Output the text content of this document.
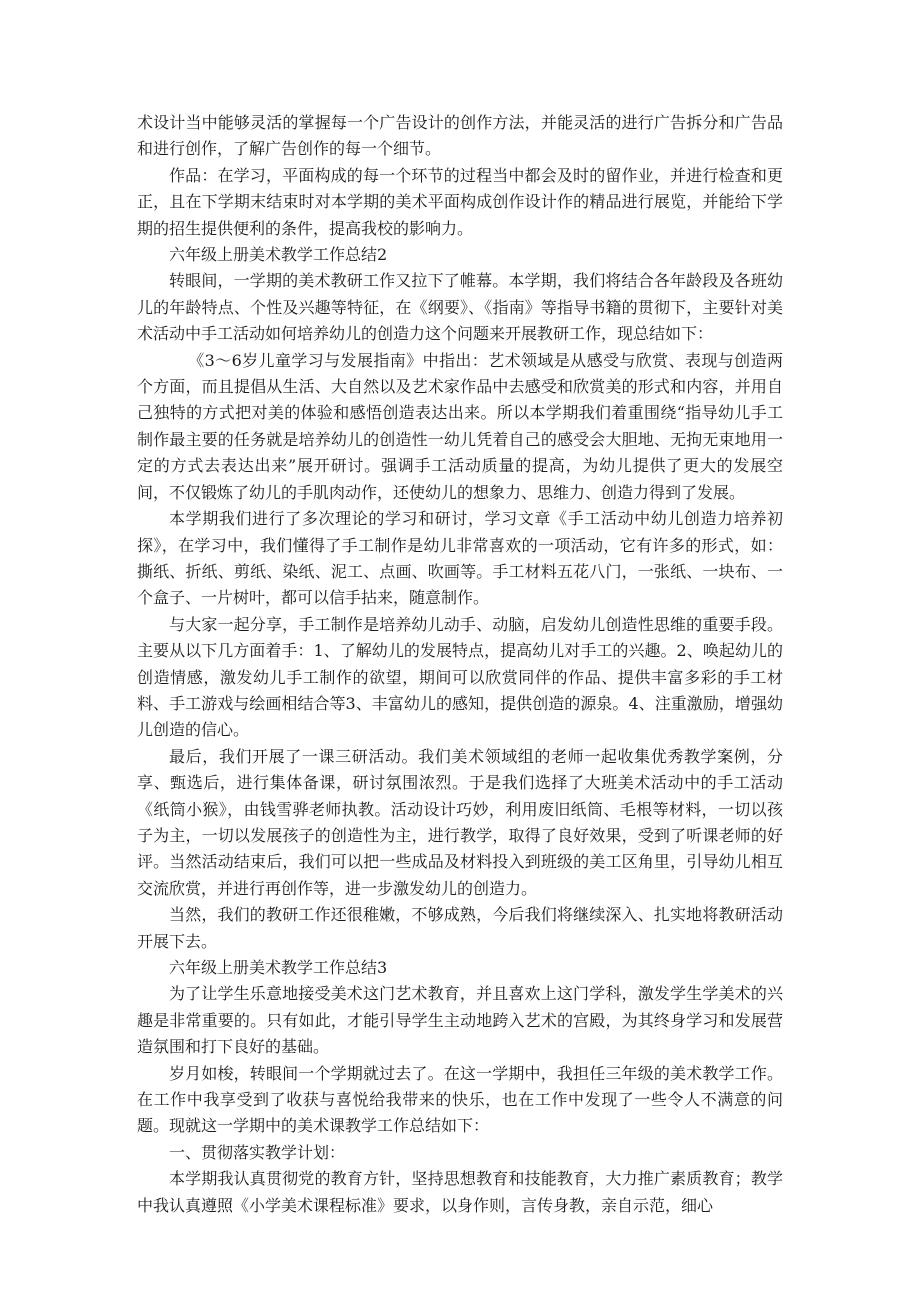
术设计当中能够灵活的掌握每一个广告设计的创作方法，并能灵活的进行广告拆分和广告品和进行创作，了解广告创作的每一个细节。

作品：在学习，平面构成的每一个环节的过程当中都会及时的留作业，并进行检查和更正，且在下学期末结束时对本学期的美术平面构成创作设计作的精品进行展览，并能给下学期的招生提供便利的条件，提高我校的影响力。

六年级上册美术教学工作总结2

转眼间，一学期的美术教研工作又拉下了帷幕。本学期，我们将结合各年龄段及各班幼儿的年龄特点、个性及兴趣等特征，在《纲要》、《指南》等指导书籍的贯彻下，主要针对美术活动中手工活动如何培养幼儿的创造力这个问题来开展教研工作，现总结如下：

《3～6岁儿童学习与发展指南》中指出：艺术领域是从感受与欣赏、表现与创造两个方面，而且提倡从生活、大自然以及艺术家作品中去感受和欣赏美的形式和内容，并用自己独特的方式把对美的体验和感悟创造表达出来。所以本学期我们着重围绕“指导幼儿手工制作最主要的任务就是培养幼儿的创造性一幼儿凭着自己的感受会大胆地、无拘无束地用一定的方式去表达出来”展开研讨。强调手工活动质量的提高，为幼儿提供了更大的发展空间，不仅锻炼了幼儿的手肌肉动作，还使幼儿的想象力、思维力、创造力得到了发展。

本学期我们进行了多次理论的学习和研讨，学习文章《手工活动中幼儿创造力培养初探》，在学习中，我们懂得了手工制作是幼儿非常喜欢的一项活动，它有许多的形式，如：撕纸、折纸、剪纸、染纸、泥工、点画、吹画等。手工材料五花八门，一张纸、一块布、一个盒子、一片树叶，都可以信手拈来，随意制作。

与大家一起分享，手工制作是培养幼儿动手、动脑，启发幼儿创造性思维的重要手段。主要从以下几方面着手：1、了解幼儿的发展特点，提高幼儿对手工的兴趣。2、唤起幼儿的创造情感，激发幼儿手工制作的欲望，期间可以欣赏同伴的作品、提供丰富多彩的手工材料、手工游戏与绘画相结合等3、丰富幼儿的感知，提供创造的源泉。4、注重激励，增强幼儿创造的信心。

最后，我们开展了一课三研活动。我们美术领域组的老师一起收集优秀教学案例，分享、甄选后，进行集体备课，研讨氛围浓烈。于是我们选择了大班美术活动中的手工活动《纸筒小猴》，由钱雪骅老师执教。活动设计巧妙，利用废旧纸筒、毛根等材料，一切以孩子为主，一切以发展孩子的创造性为主，进行教学，取得了良好效果，受到了听课老师的好评。当然活动结束后，我们可以把一些成品及材料投入到班级的美工区角里，引导幼儿相互交流欣赏，并进行再创作等，进一步激发幼儿的创造力。

当然，我们的教研工作还很稚嫩，不够成熟，今后我们将继续深入、扎实地将教研活动开展下去。

六年级上册美术教学工作总结3

为了让学生乐意地接受美术这门艺术教育，并且喜欢上这门学科，激发学生学美术的兴趣是非常重要的。只有如此，才能引导学生主动地跨入艺术的宫殿，为其终身学习和发展营造氛围和打下良好的基础。

岁月如梭，转眼间一个学期就过去了。在这一学期中，我担任三年级的美术教学工作。在工作中我享受到了收获与喜悦给我带来的快乐，也在工作中发现了一些令人不满意的问题。现就这一学期中的美术课教学工作总结如下：

一、贯彻落实教学计划：

本学期我认真贯彻党的教育方针，坚持思想教育和技能教育，大力推广素质教育；教学中我认真遵照《小学美术课程标准》要求，以身作则，言传身教，亲自示范，细心
